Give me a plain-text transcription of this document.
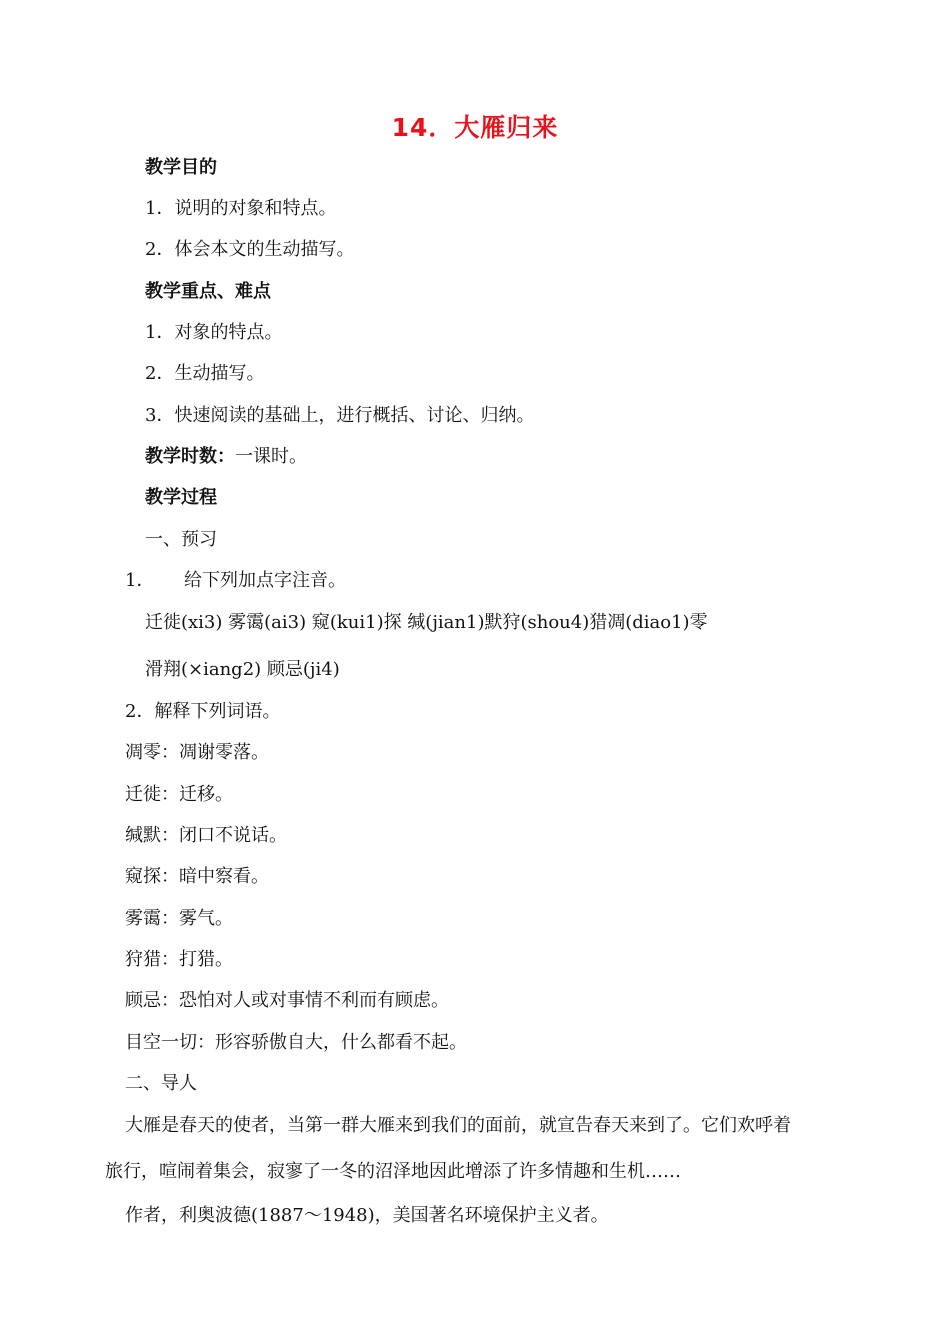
14．大雁归来
教学目的
1．说明的对象和特点。
2．体会本文的生动描写。
教学重点、难点
1．对象的特点。
2．生动描写。
3．快速阅读的基础上，进行概括、讨论、归纳。
教学时数：一课时。
教学过程
一、预习
1． 给下列加点字注音。
迁徙(xi3) 雾霭(ai3) 窥(kui1)探 缄(jian1)默狩(shou4)猎凋(diao1)零
滑翔(×iang2) 顾忌(ji4)
2．解释下列词语。
凋零：凋谢零落。
迁徙：迁移。
缄默：闭口不说话。
窥探：暗中察看。
雾霭：雾气。
狩猎：打猎。
顾忌：恐怕对人或对事情不利而有顾虑。
目空一切：形容骄傲自大，什么都看不起。
二、导人
大雁是春天的使者，当第一群大雁来到我们的面前，就宣告春天来到了。它们欢呼着
旅行，喧闹着集会，寂寥了一冬的沼泽地因此增添了许多情趣和生机……
作者，利奥波德(1887～1948)，美国著名环境保护主义者。
